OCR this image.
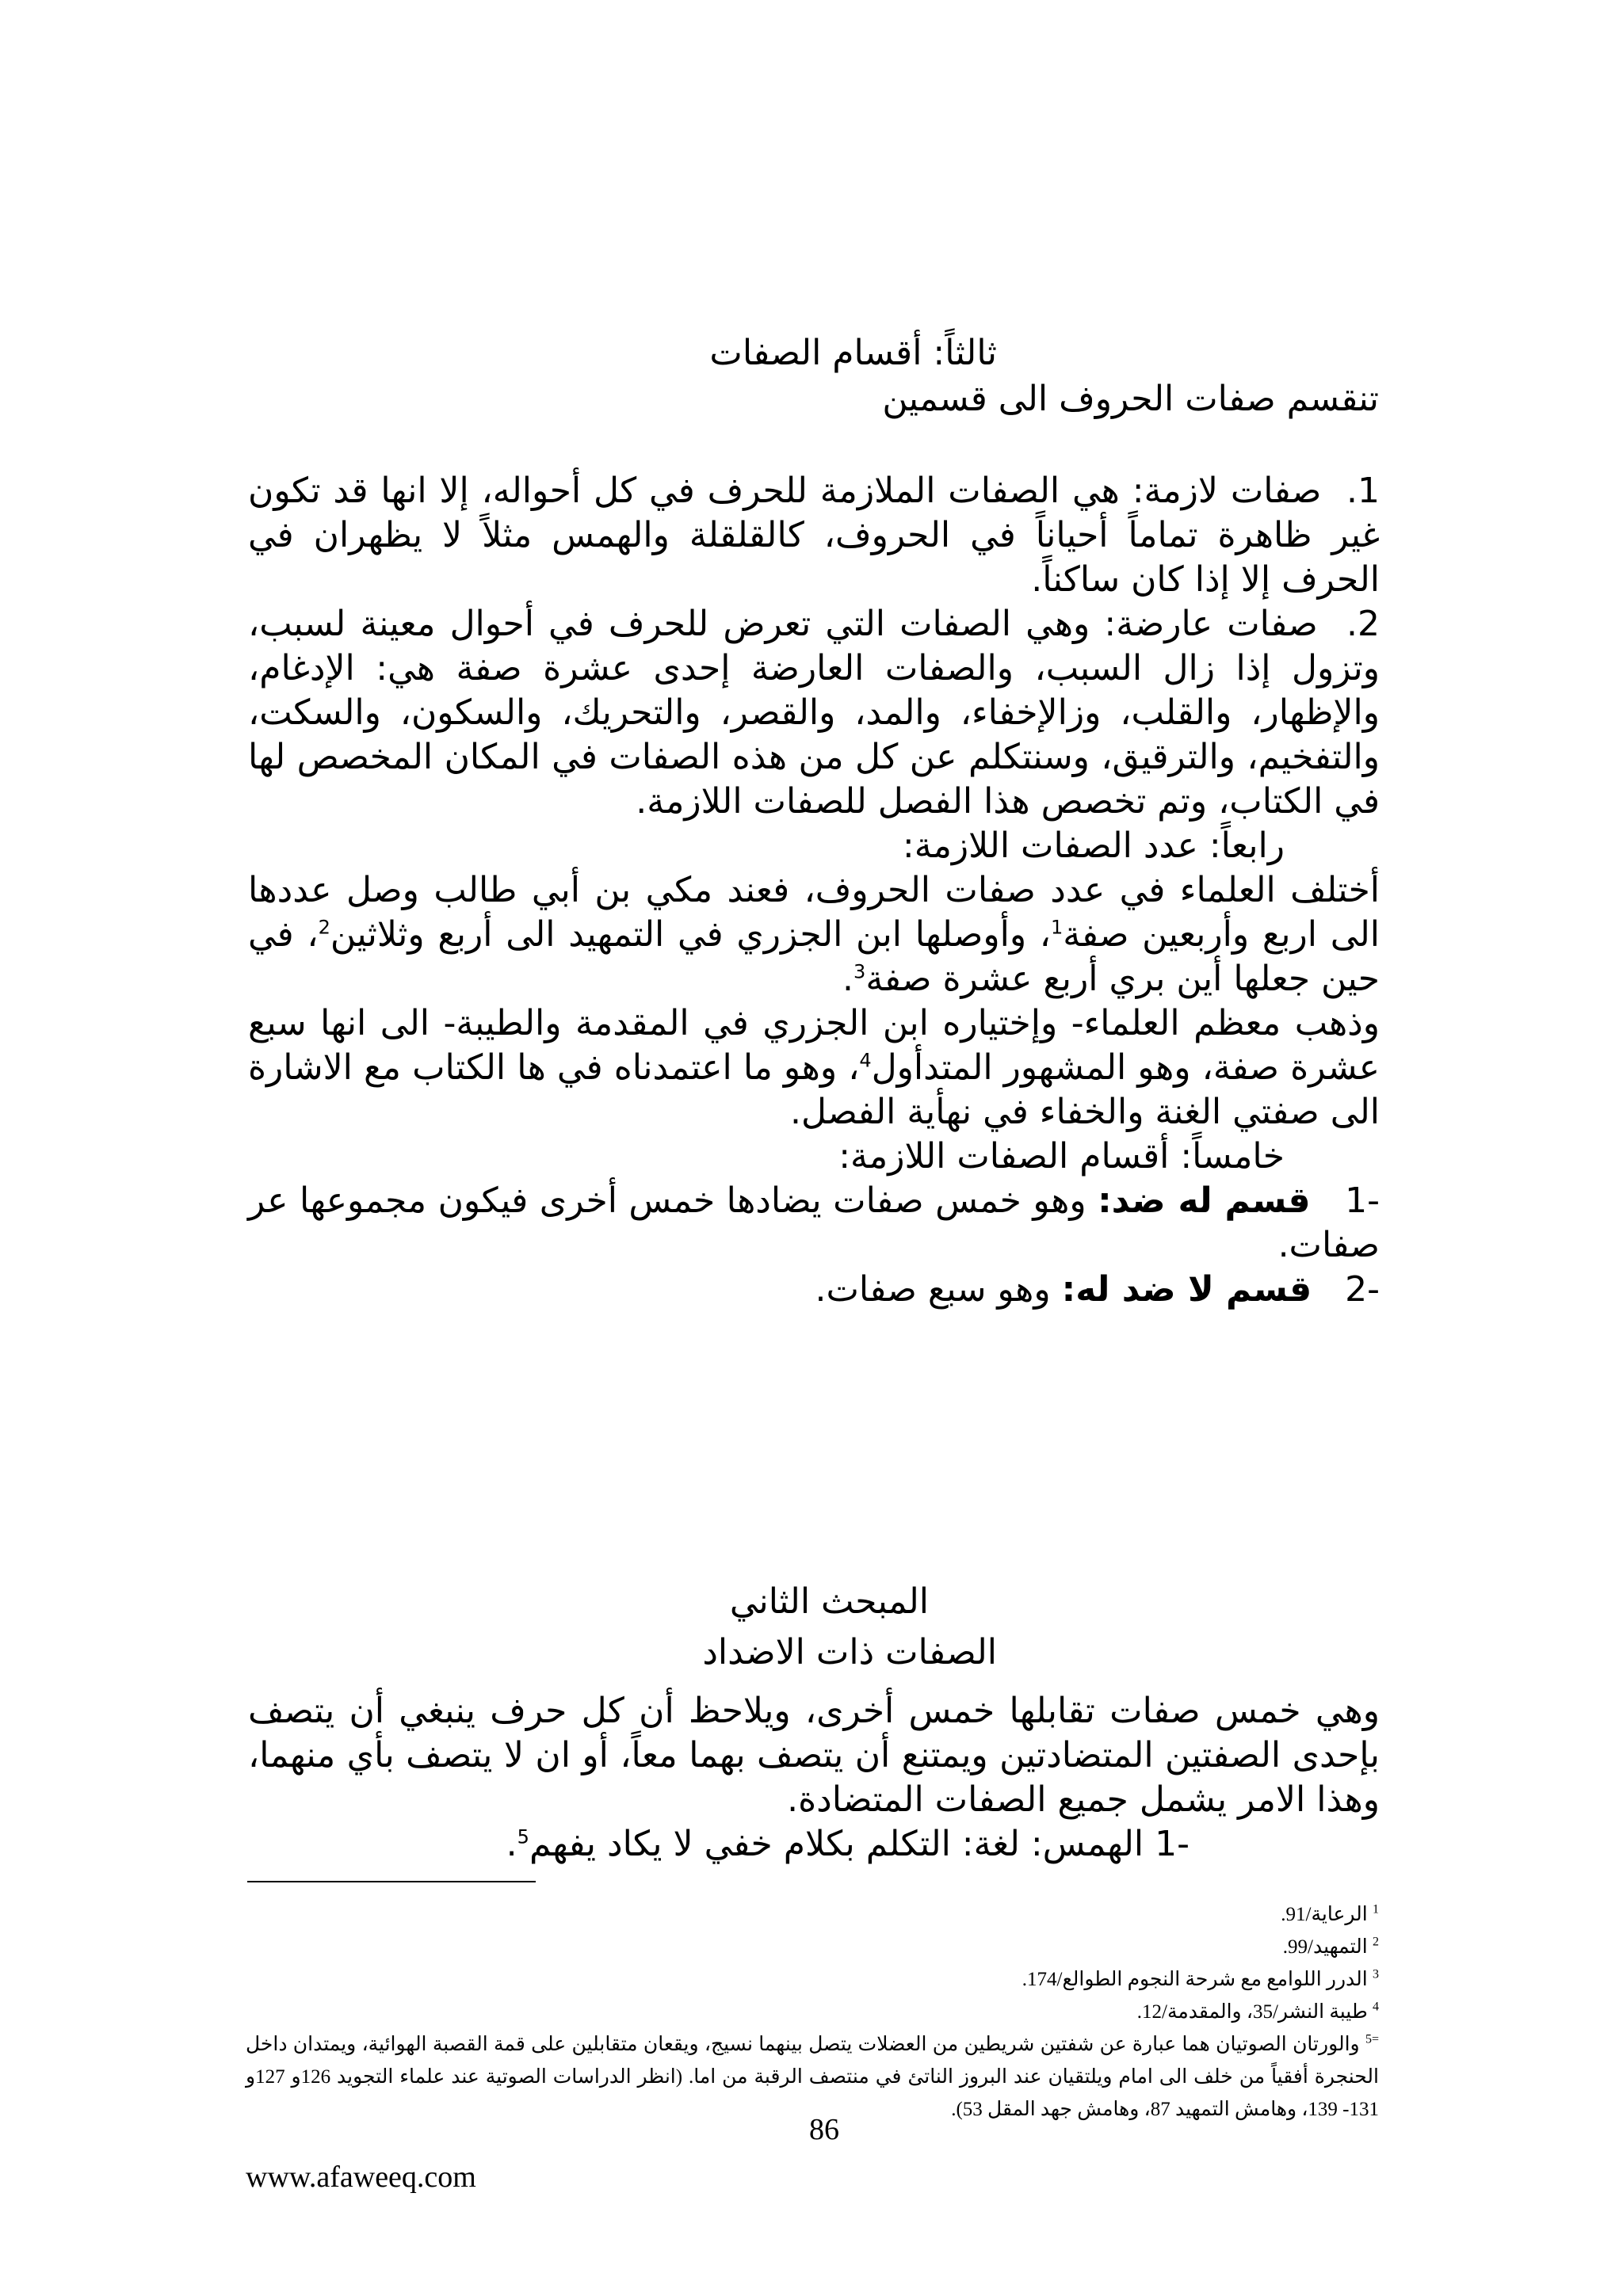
ثالثاً: أقسام الصفات
تنقسم صفات الحروف الى قسمين

1.  صفات لازمة: هي الصفات الملازمة للحرف في كل أحواله، إلا انها قد تكون غير ظاهرة تماماً أحياناً في الحروف، كالقلقلة والهمس مثلاً لا يظهران في الحرف إلا إذا كان ساكناً.

2.  صفات عارضة: وهي الصفات التي تعرض للحرف في أحوال معينة لسبب، وتزول إذا زال السبب، والصفات العارضة إحدى عشرة صفة هي: الإدغام، والإظهار، والقلب، وزالإخفاء، والمد، والقصر، والتحريك، والسكون، والسكت، والتفخيم، والترقيق، وسنتكلم عن كل من هذه الصفات في المكان المخصص لها في الكتاب، وتم تخصص هذا الفصل للصفات اللازمة.

رابعاً: عدد الصفات اللازمة:

أختلف العلماء في عدد صفات الحروف، فعند مكي بن أبي طالب وصل عددها الى اربع وأربعين صفة$^1$، وأوصلها ابن الجزري في التمهيد الى أربع وثلاثين$^2$، في حين جعلها أين بري أربع عشرة صفة$^3$.

وذهب معظم العلماء- وإختياره ابن الجزري في المقدمة والطيبة- الى انها سبع عشرة صفة، وهو المشهور المتدأول$^4$، وهو ما اعتمدناه في ها الكتاب مع الاشارة الى صفتي الغنة والخفاء في نهأية الفصل.

خامساً: أقسام الصفات اللازمة:

-1   قسم له ضد: وهو خمس صفات يضادها خمس أخرى فيكون مجموعها عر صفات.

-2   قسم لا ضد له: وهو سبع صفات.

المبحث الثاني
الصفات ذات الاضداد

وهي خمس صفات تقابلها خمس أخرى، ويلاحظ أن كل حرف ينبغي أن يتصف بإحدى الصفتين المتضادتين ويمتنع أن يتصف بهما معاً، أو ان لا يتصف بأي منهما، وهذا الامر يشمل جميع الصفات المتضادة.

-1 الهمس: لغة: التكلم بكلام خفي لا يكاد يفهم$^5$.

$^1$ الرعاية/91.

$^2$ التمهيد/99.

$^3$ الدرر اللوامع مع شرحة النجوم الطوالع/174.

$^4$ طيبة النشر/35، والمقدمة/12.

$^{=5}$ والورتان الصوتيان هما عبارة عن شفتين شريطين من العضلات يتصل بينهما نسيج، ويقعان متقابلين على قمة القصبة الهوائية، ويمتدان داخل الحنجرة أفقياً من خلف الى امام ويلتقيان عند البروز الناتئ في منتصف الرقبة من اما. (انظر الدراسات الصوتية عند علماء التجويد 126و 127و 131- 139، وهامش التمهيد 87، وهامش جهد المقل 53).

86
www.afaweeq.com
